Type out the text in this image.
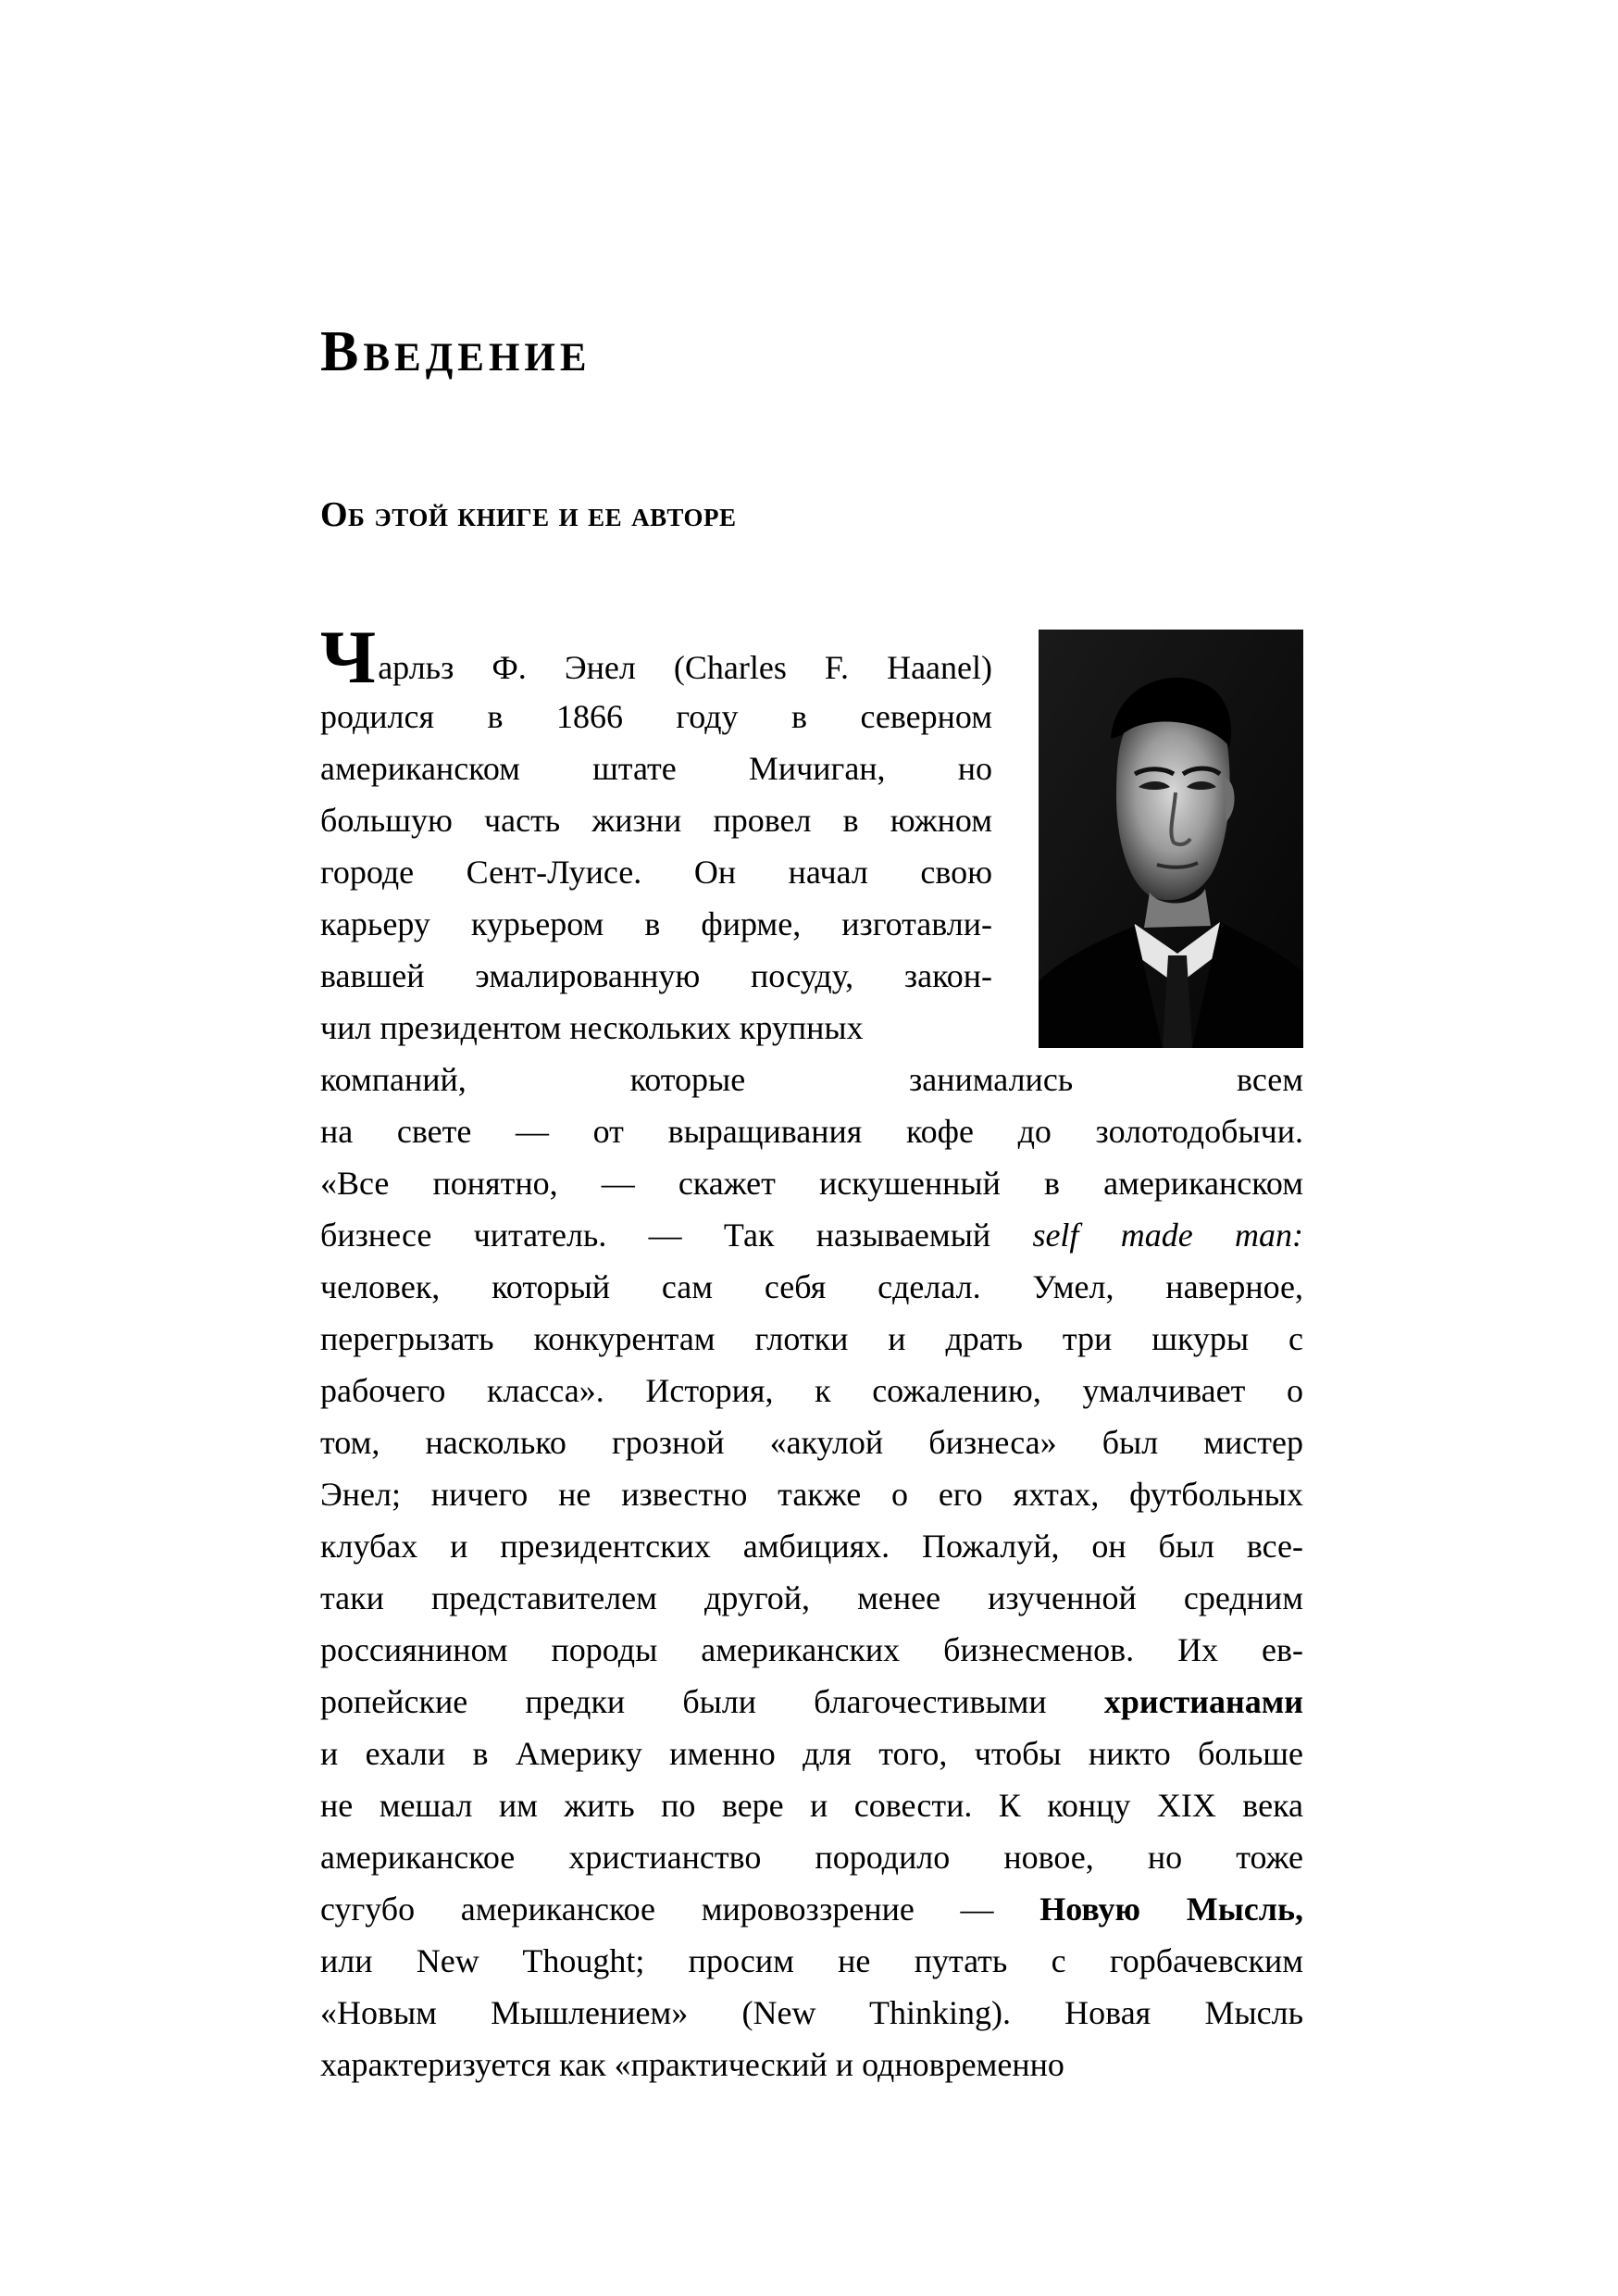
Введение
Об этой книге и ее авторе
Чарльз Ф. Энел (Charles F. Haanel)
родился в 1866 году в северном
американском штате Мичиган, но
большую часть жизни провел в южном
городе Сент-Луисе. Он начал свою
карьеру курьером в фирме, изготавли-
вавшей эмалированную посуду, закон-
чил президентом нескольких крупных
компаний, которые занимались всем
на свете — от выращивания кофе до золотодобычи.
«Все понятно, — скажет искушенный в американском
бизнесе читатель. — Так называемый self made man:
человек, который сам себя сделал. Умел, наверное,
перегрызать конкурентам глотки и драть три шкуры с
рабочего класса». История, к сожалению, умалчивает о
том, насколько грозной «акулой бизнеса» был мистер
Энел; ничего не известно также о его яхтах, футбольных
клубах и президентских амбициях. Пожалуй, он был все-
таки представителем другой, менее изученной средним
россиянином породы американских бизнесменов. Их ев-
ропейские предки были благочестивыми христианами
и ехали в Америку именно для того, чтобы никто больше
не мешал им жить по вере и совести. К концу XIX века
американское христианство породило новое, но тоже
сугубо американское мировоззрение — Новую Мысль,
или New Thought; просим не путать с горбачевским
«Новым Мышлением» (New Thinking). Новая Мысль
характеризуется как «практический и одновременно
